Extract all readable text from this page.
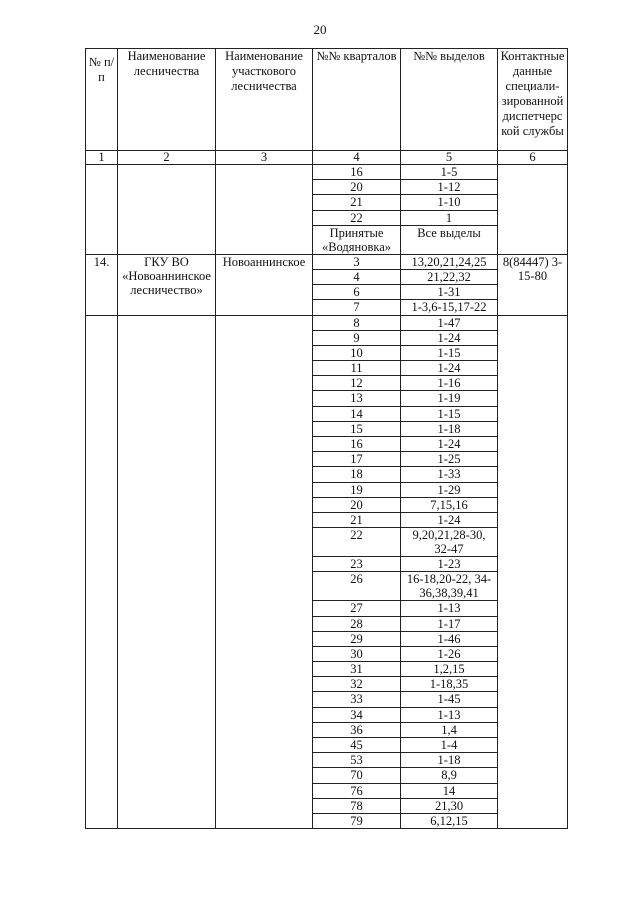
20
№ п/п	Наименование лесничества	Наименование участкового лесничества	№№ кварталов	№№ выделов	Контактные данные специали-зированной диспетчерс кой службы
1	2	3	4	5	6
			16	1-5	
			20	1-12	
			21	1-10	
			22	1	
			Принятые «Водяновка»	Все выделы	
14.	ГКУ ВО «Новоаннинское лесничество»	Новоаннинское	3	13,20,21,24,25	8(84447) 3-15-80
			4	21,22,32	
			6	1-31	
			7	1-3,6-15,17-22	
			8	1-47	
			9	1-24	
			10	1-15	
			11	1-24	
			12	1-16	
			13	1-19	
			14	1-15	
			15	1-18	
			16	1-24	
			17	1-25	
			18	1-33	
			19	1-29	
			20	7,15,16	
			21	1-24	
			22	9,20,21,28-30, 32-47	
			23	1-23	
			26	16-18,20-22, 34-36,38,39,41	
			27	1-13	
			28	1-17	
			29	1-46	
			30	1-26	
			31	1,2,15	
			32	1-18,35	
			33	1-45	
			34	1-13	
			36	1,4	
			45	1-4	
			53	1-18	
			70	8,9	
			76	14	
			78	21,30	
			79	6,12,15	
